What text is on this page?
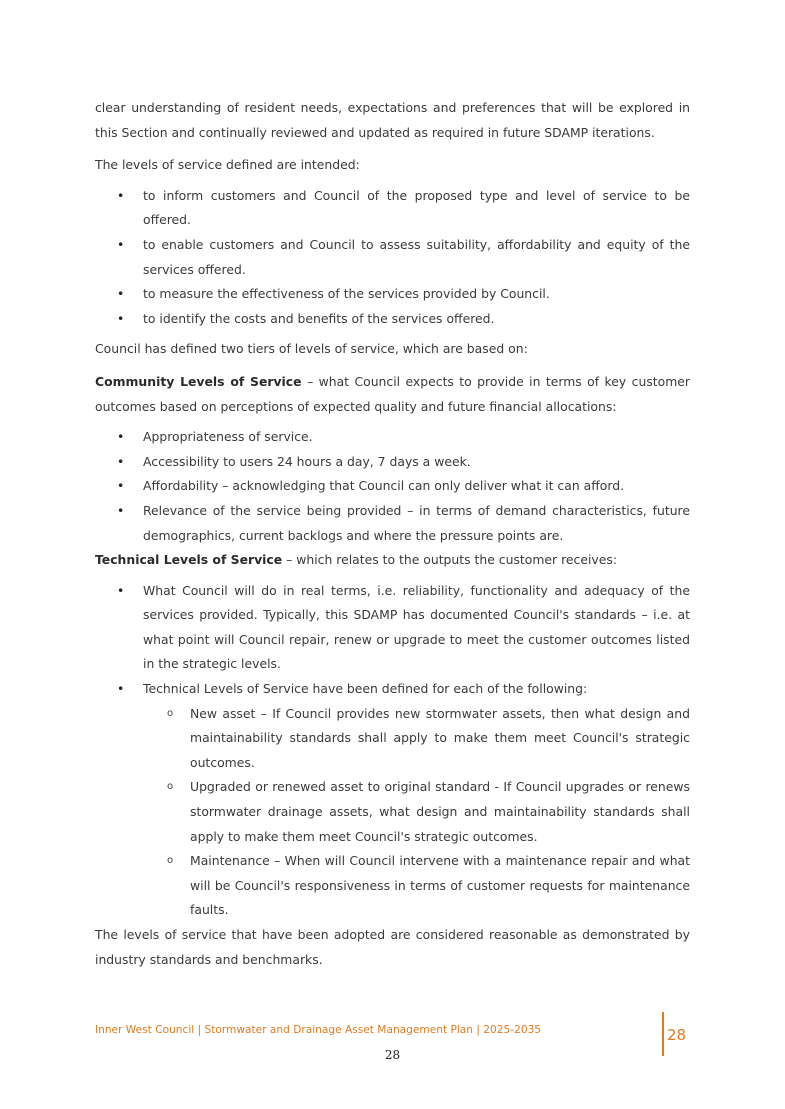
clear understanding of resident needs, expectations and preferences that will be explored in this Section and continually reviewed and updated as required in future SDAMP iterations.

The levels of service defined are intended:

• to inform customers and Council of the proposed type and level of service to be offered.
• to enable customers and Council to assess suitability, affordability and equity of the services offered.
• to measure the effectiveness of the services provided by Council.
• to identify the costs and benefits of the services offered.

Council has defined two tiers of levels of service, which are based on:

Community Levels of Service – what Council expects to provide in terms of key customer outcomes based on perceptions of expected quality and future financial allocations:

• Appropriateness of service.
• Accessibility to users 24 hours a day, 7 days a week.
• Affordability – acknowledging that Council can only deliver what it can afford.
• Relevance of the service being provided – in terms of demand characteristics, future demographics, current backlogs and where the pressure points are.

Technical Levels of Service – which relates to the outputs the customer receives:

• What Council will do in real terms, i.e. reliability, functionality and adequacy of the services provided. Typically, this SDAMP has documented Council's standards – i.e. at what point will Council repair, renew or upgrade to meet the customer outcomes listed in the strategic levels.
• Technical Levels of Service have been defined for each of the following:
o New asset – If Council provides new stormwater assets, then what design and maintainability standards shall apply to make them meet Council's strategic outcomes.
o Upgraded or renewed asset to original standard - If Council upgrades or renews stormwater drainage assets, what design and maintainability standards shall apply to make them meet Council's strategic outcomes.
o Maintenance – When will Council intervene with a maintenance repair and what will be Council's responsiveness in terms of customer requests for maintenance faults.

The levels of service that have been adopted are considered reasonable as demonstrated by industry standards and benchmarks.

Inner West Council | Stormwater and Drainage Asset Management Plan | 2025-2035	28
28
